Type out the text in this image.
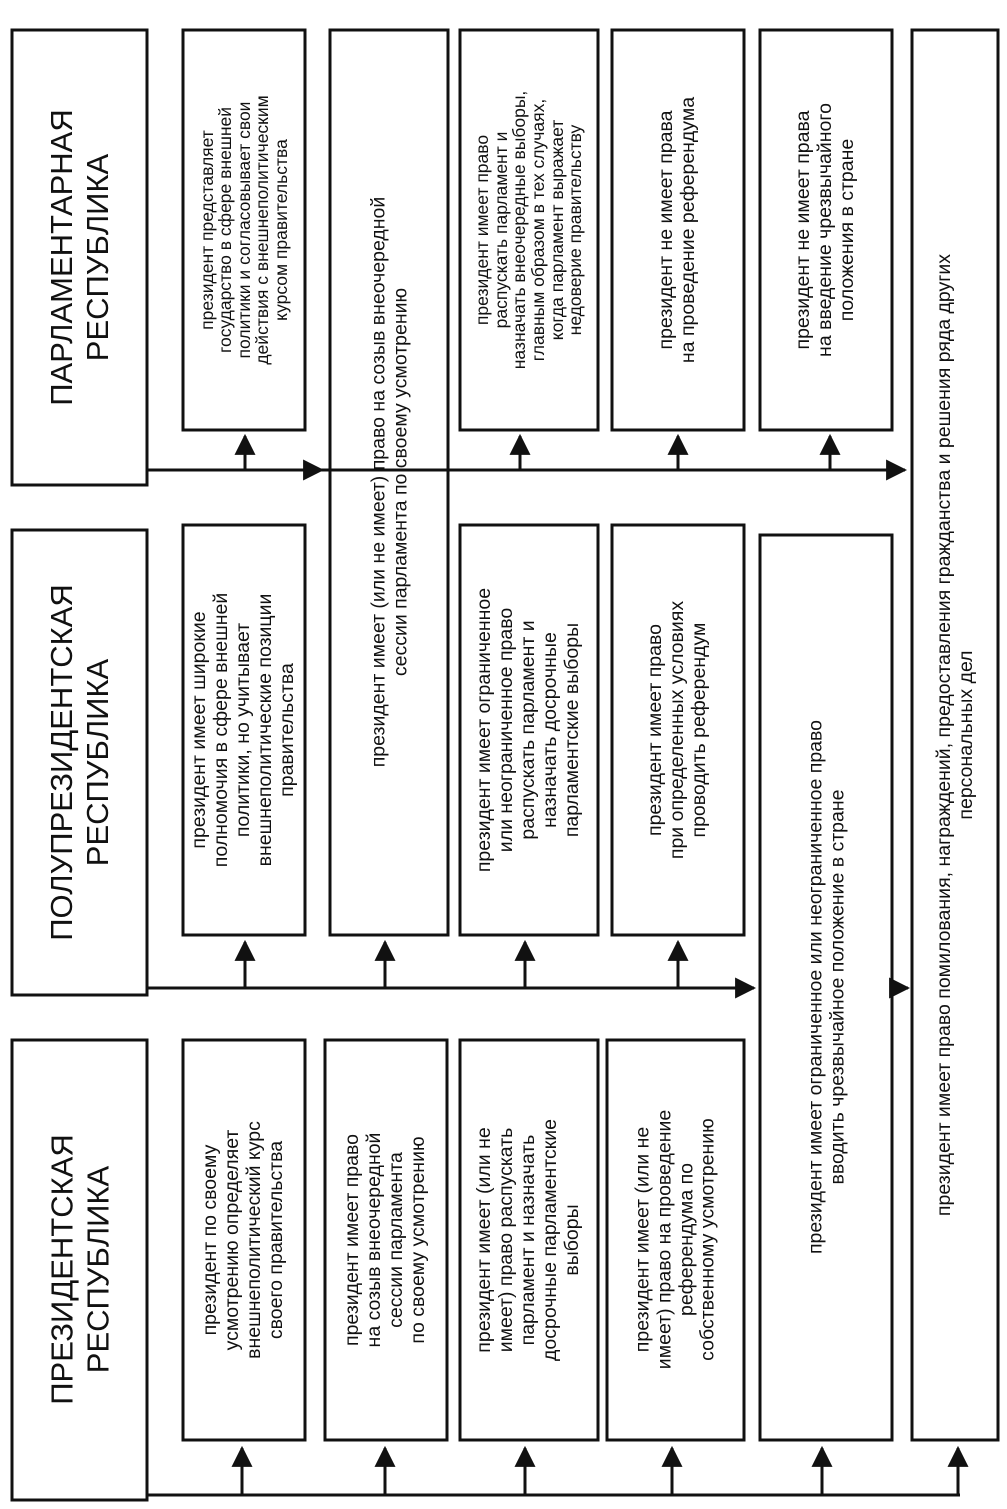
ПАРЛАМЕНТАРНАЯ
РЕСПУБЛИКА
ПОЛУПРЕЗИДЕНТСКАЯ
РЕСПУБЛИКА
ПРЕЗИДЕНТСКАЯ
РЕСПУБЛИКА
президент представляет
государство в сфере внешней
политики и согласовывает свои
действия с внешнеполитическим
курсом правительства
президент имеет (или не имеет) право на созыв внеочередной
сессии парламента по своему усмотрению
президент имеет право
распускать парламент и
назначать внеочередные выборы,
главным образом в тех случаях,
когда парламент выражает
недоверие правительству
президент не имеет права
на проведение референдума
президент не имеет права
на введение чрезвычайного
положения в стране
президент имеет широкие
полномочия в сфере внешней
политики, но учитывает
внешнеполитические позиции
правительства
президент имеет ограниченное
или неограниченное право
распускать парламент и
назначать досрочные
парламентские выборы
президент имеет право
при определенных условиях
проводить референдум
президент по своему
усмотрению определяет
внешнеполитический курс
своего правительства
президент имеет право
на созыв внеочередной
сессии парламента
по своему усмотрению
президент имеет (или не
имеет) право распускать
парламент и назначать
досрочные парламентские
выборы
президент имеет (или не
имеет) право на проведение
референдума по
собственному усмотрению	президент имеет ограниченное или неограниченное право
вводить чрезвычайное положение в стране
президент имеет право помилования, награждений, предоставления гражданства и решения ряда других
персональных дел
